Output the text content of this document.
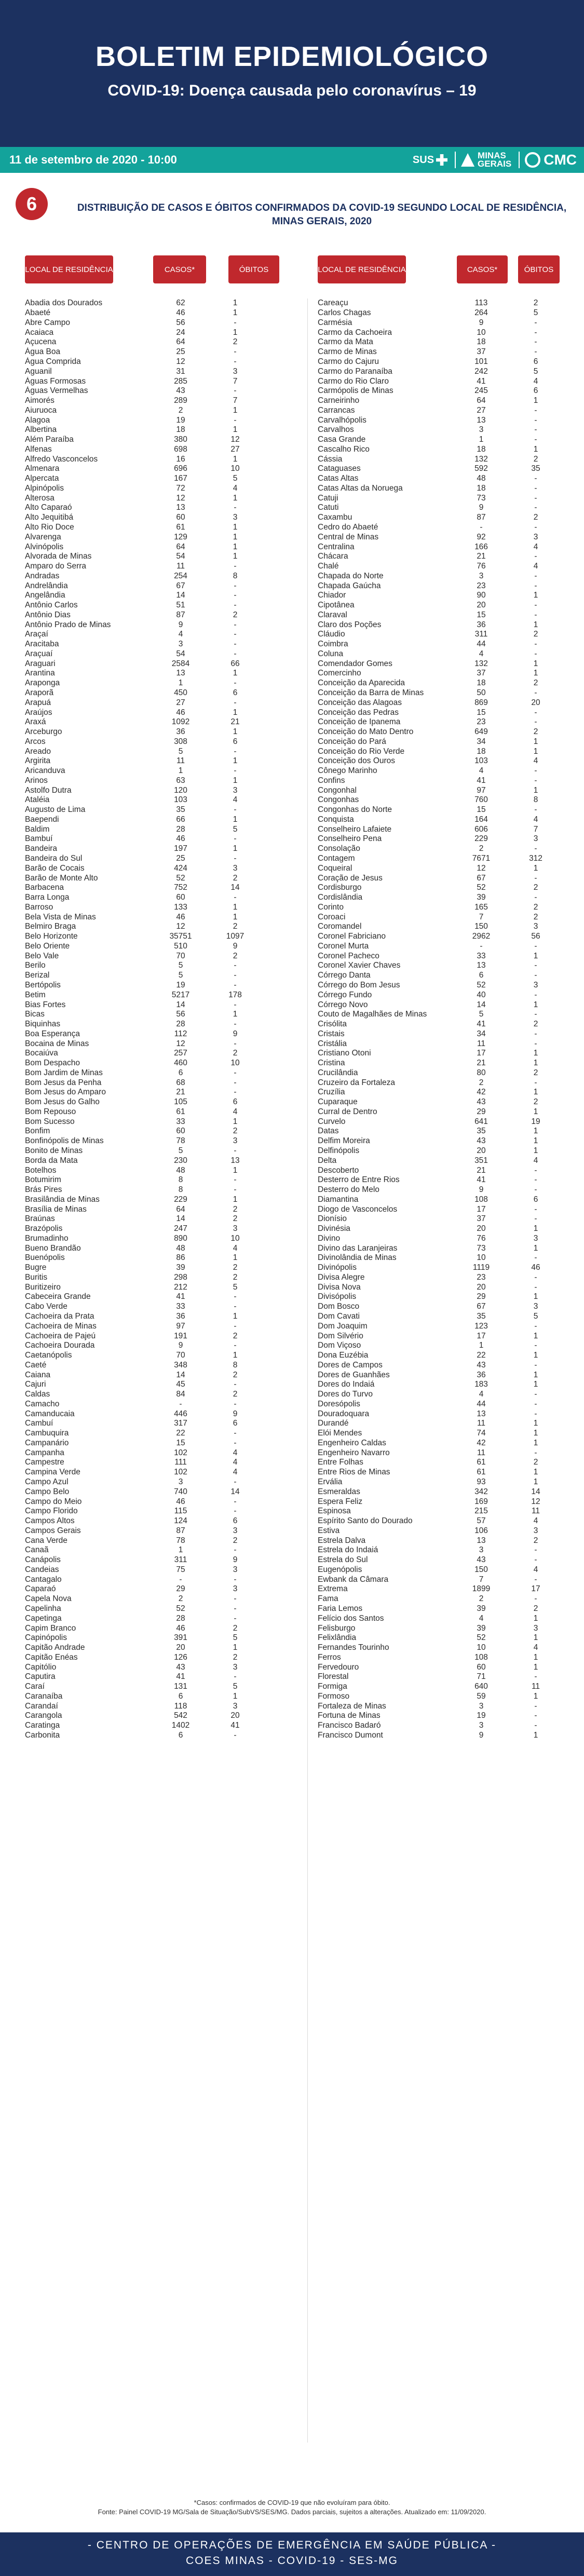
BOLETIM EPIDEMIOLÓGICO
COVID-19: Doença causada pelo coronavírus – 19
11 de setembro de 2020 - 10:00	SUS	MINAS
GERAIS CMC
6	DISTRIBUIÇÃO DE CASOS E ÓBITOS CONFIRMADOS DA COVID-19 SEGUNDO LOCAL DE RESIDÊNCIA, MINAS GERAIS, 2020
LOCAL DE RESIDÊNCIA	CASOS*	ÓBITOS	LOCAL DE RESIDÊNCIA	CASOS*	ÓBITOS
Abadia dos Dourados	62	1
Abaeté	46	1
Abre Campo	56	-
Acaiaca	24	1
Açucena	64	2
Água Boa	25	-
Água Comprida	12	-
Aguanil	31	3
Águas Formosas	285	7
Águas Vermelhas	43	-
Aimorés	289	7
Aiuruoca	2	1
Alagoa	19	-
Albertina	18	1
Além Paraíba	380	12
Alfenas	698	27
Alfredo Vasconcelos	16	1
Almenara	696	10
Alpercata	167	5
Alpinópolis	72	4
Alterosa	12	1
Alto Caparaó	13	-
Alto Jequitibá	60	3
Alto Rio Doce	61	1
Alvarenga	129	1
Alvinópolis	64	1
Alvorada de Minas	54	1
Amparo do Serra	11	-
Andradas	254	8
Andrelândia	67	-
Angelândia	14	-
Antônio Carlos	51	-
Antônio Dias	87	2
Antônio Prado de Minas	9	-
Araçaí	4	-
Aracitaba	3	-
Araçuaí	54	-
Araguari	2584	66
Arantina	13	1
Araponga	1	-
Araporã	450	6
Arapuá	27	-
Araújos	46	1
Araxá	1092	21
Arceburgo	36	1
Arcos	308	6
Areado	5	-
Argirita	11	1
Aricanduva	1	-
Arinos	63	1
Astolfo Dutra	120	3
Ataléia	103	4
Augusto de Lima	35	-
Baependi	66	1
Baldim	28	5
Bambuí	46	-
Bandeira	197	1
Bandeira do Sul	25	-
Barão de Cocais	424	3
Barão de Monte Alto	52	2
Barbacena	752	14
Barra Longa	60	-
Barroso	133	1
Bela Vista de Minas	46	1
Belmiro Braga	12	2
Belo Horizonte	35751	1097
Belo Oriente	510	9
Belo Vale	70	2
Berilo	5	-
Berizal	5	-
Bertópolis	19	-
Betim	5217	178
Bias Fortes	14	-
Bicas	56	1
Biquinhas	28	-
Boa Esperança	112	9
Bocaina de Minas	12	-
Bocaiúva	257	2
Bom Despacho	460	10
Bom Jardim de Minas	6	-
Bom Jesus da Penha	68	-
Bom Jesus do Amparo	21	-
Bom Jesus do Galho	105	6
Bom Repouso	61	4
Bom Sucesso	33	1
Bonfim	60	2
Bonfinópolis de Minas	78	3
Bonito de Minas	5	-
Borda da Mata	230	13
Botelhos	48	1
Botumirim	8	-
Brás Pires	8	-
Brasilândia de Minas	229	1
Brasília de Minas	64	2
Braúnas	14	2
Brazópolis	247	3
Brumadinho	890	10
Bueno Brandão	48	4
Buenópolis	86	1
Bugre	39	2
Buritis	298	2
Buritizeiro	212	5
Cabeceira Grande	41	-
Cabo Verde	33	-
Cachoeira da Prata	36	1
Cachoeira de Minas	97	-
Cachoeira de Pajeú	191	2
Cachoeira Dourada	9	-
Caetanópolis	70	1
Caeté	348	8
Caiana	14	2
Cajuri	45	-
Caldas	84	2
Camacho	-	-
Camanducaia	446	9
Cambuí	317	6
Cambuquira	22	-
Campanário	15	-
Campanha	102	4
Campestre	111	4
Campina Verde	102	4
Campo Azul	3	-
Campo Belo	740	14
Campo do Meio	46	-
Campo Florido	115	-
Campos Altos	124	6
Campos Gerais	87	3
Cana Verde	78	2
Canaã	1	-
Canápolis	311	9
Candeias	75	3
Cantagalo	-	-
Caparaó	29	3
Capela Nova	2	-
Capelinha	52	-
Capetinga	28	-
Capim Branco	46	2
Capinópolis	391	5
Capitão Andrade	20	1
Capitão Enéas	126	2
Capitólio	43	3
Caputira	41	-
Caraí	131	5
Caranaíba	6	1
Carandaí	118	3
Carangola	542	20
Caratinga	1402	41
Carbonita	6	-
Careaçu	113	2
Carlos Chagas	264	5
Carmésia	9	-
Carmo da Cachoeira	10	-
Carmo da Mata	18	-
Carmo de Minas	37	-
Carmo do Cajuru	101	6
Carmo do Paranaíba	242	5
Carmo do Rio Claro	41	4
Carmópolis de Minas	245	6
Carneirinho	64	1
Carrancas	27	-
Carvalhópolis	13	-
Carvalhos	3	-
Casa Grande	1	-
Cascalho Rico	18	1
Cássia	132	2
Cataguases	592	35
Catas Altas	48	-
Catas Altas da Noruega	18	-
Catuji	73	-
Catuti	9	-
Caxambu	87	2
Cedro do Abaeté	-	-
Central de Minas	92	3
Centralina	166	4
Chácara	21	-
Chalé	76	4
Chapada do Norte	3	-
Chapada Gaúcha	23	-
Chiador	90	1
Cipotânea	20	-
Claraval	15	-
Claro dos Poções	36	1
Cláudio	311	2
Coimbra	44	-
Coluna	4	-
Comendador Gomes	132	1
Comercinho	37	1
Conceição da Aparecida	18	2
Conceição da Barra de Minas	50	-
Conceição das Alagoas	869	20
Conceição das Pedras	15	-
Conceição de Ipanema	23	-
Conceição do Mato Dentro	649	2
Conceição do Pará	34	1
Conceição do Rio Verde	18	1
Conceição dos Ouros	103	4
Cônego Marinho	4	-
Confins	41	-
Congonhal	97	1
Congonhas	760	8
Congonhas do Norte	15	-
Conquista	164	4
Conselheiro Lafaiete	606	7
Conselheiro Pena	229	3
Consolação	2	-
Contagem	7671	312
Coqueiral	12	1
Coração de Jesus	67	-
Cordisburgo	52	2
Cordislândia	39	-
Corinto	165	2
Coroaci	7	2
Coromandel	150	3
Coronel Fabriciano	2962	56
Coronel Murta	-	-
Coronel Pacheco	33	1
Coronel Xavier Chaves	13	-
Córrego Danta	6	-
Córrego do Bom Jesus	52	3
Córrego Fundo	40	-
Córrego Novo	14	1
Couto de Magalhães de Minas	5	-
Crisólita	41	2
Cristais	34	-
Cristália	11	-
Cristiano Otoni	17	1
Cristina	21	1
Crucilândia	80	2
Cruzeiro da Fortaleza	2	-
Cruzília	42	1
Cuparaque	43	2
Curral de Dentro	29	1
Curvelo	641	19
Datas	35	1
Delfim Moreira	43	1
Delfinópolis	20	1
Delta	351	4
Descoberto	21	-
Desterro de Entre Rios	41	-
Desterro do Melo	9	-
Diamantina	108	6
Diogo de Vasconcelos	17	-
Dionísio	37	-
Divinésia	20	1
Divino	76	3
Divino das Laranjeiras	73	1
Divinolândia de Minas	10	-
Divinópolis	1119	46
Divisa Alegre	23	-
Divisa Nova	20	-
Divisópolis	29	1
Dom Bosco	67	3
Dom Cavati	35	5
Dom Joaquim	123	-
Dom Silvério	17	1
Dom Viçoso	1	-
Dona Euzébia	22	1
Dores de Campos	43	-
Dores de Guanhães	36	1
Dores do Indaiá	183	1
Dores do Turvo	4	-
Doresópolis	44	-
Douradoquara	13	-
Durandé	11	1
Elói Mendes	74	1
Engenheiro Caldas	42	1
Engenheiro Navarro	11	-
Entre Folhas	61	2
Entre Rios de Minas	61	1
Ervália	93	1
Esmeraldas	342	14
Espera Feliz	169	12
Espinosa	215	11
Espírito Santo do Dourado	57	4
Estiva	106	3
Estrela Dalva	13	2
Estrela do Indaiá	3	-
Estrela do Sul	43	-
Eugenópolis	150	4
Ewbank da Câmara	7	-
Extrema	1899	17
Fama	2	-
Faria Lemos	39	2
Felício dos Santos	4	1
Felisburgo	39	3
Felixlândia	52	1
Fernandes Tourinho	10	4
Ferros	108	1
Fervedouro	60	1
Florestal	71	-
Formiga	640	11
Formoso	59	1
Fortaleza de Minas	3	-
Fortuna de Minas	19	-
Francisco Badaró	3	-
Francisco Dumont	9	1
*Casos: confirmados de COVID-19 que não evoluíram para óbito.
Fonte: Painel COVID-19 MG/Sala de Situação/SubVS/SES/MG. Dados parciais, sujeitos a alterações. Atualizado em: 11/09/2020.
- CENTRO DE OPERAÇÕES DE EMERGÊNCIA EM SAÚDE PÚBLICA -
COES MINAS - COVID-19 - SES-MG
